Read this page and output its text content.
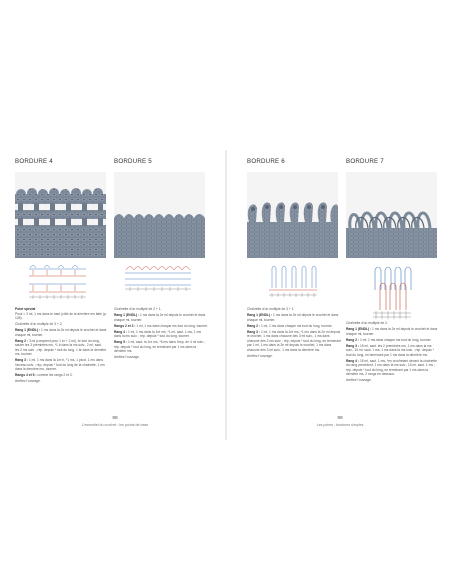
BORDURE 4	BORDURE 5

Point spécial
Picot = 3 ml, 1 ms dans le haut (côté de la dernière ms faite (p. 128).

Chaînette d'un multiple de 3 + 2.

Rang 1 (ENDL) : 1 ms dans la 2e ml depuis le crochet et dans chaque ml, tourner.

Rang 2 : 3 ml (comptent pour 1 br + 2 ml), br tout du long, sauter les 3 premières ms, *1 b dans la ms suiv., 2 ml, saut. les 2 ms suiv. ; rép. depuis * tout du long, 1 br dans la dernière ms, tourner.

Rang 3 : 1 ml, 1 ms dans la 1re b, *1 ms, 1 picot, 1 ms dans l'arceau suiv. ; rép. depuis * tout du long de la chaînette, 1 ms dans la dernière ms, tourner.

Rangs 4 et 5 : comme les rangs 2 et 3.

Arrêtez l'ouvrage.

Chaînette d'un multiple de 2 + 1.

Rang 1 (ENDL) : 1 ms dans la 2e ml depuis le crochet et dans chaque ml, tourner.

Rangs 2 et 3 : 1 ml, 1 ms dans chaque ms tout du long, tourner.

Rang 4 : 1 ml, 1 ms dans la 1re ms, *1 ml, saut. 1 ms, 1 ms dans la ms suiv. ; rép. depuis * tout du long, tourner.

Rang 5 : 1 ml, saut. la 1re ms, *6 ms dans l'esp. de 4 ml suiv. ; rép. depuis * tout du long, en terminant par 1 ms dans la dernière ms.

Arrêtez l'ouvrage.

98
L'essentiel du crochet : les points de base
BORDURE 6	BORDURE 7

Chaînette d'un multiple de 3 + 1.

Rang 1 (ENDL) : 1 ms dans la 2e ml depuis le crochet et dans chaque ml, tourner.

Rang 2 : 1 ml, 1 ms dans chaque ms tout du long, tourner.

Rang 3 : 1 ml, 1 ms dans la 1re ms, *1 ms dans la 2e ml depuis le crochet, 1 ms dans chacune des 3 ml suiv., 1 ms dans chacune des 2 ms suiv. ; rép. depuis * tout du long, en terminant par 1 ml, 1 ms dans la 2e ml depuis le crochet, 1 ms dans chacune des 3 ml suiv., 1 ms dans la dernière ms.

Arrêtez l'ouvrage.

Chaînette d'un multiple de 2.

Rang 1 (ENDL) : 1 ms dans la 2e ml depuis le crochet et dans chaque ml, tourner.

Rang 2 : 1 ml, 1 ms dans chaque ms tout du long, tourner.

Rang 3 : 15 ml, saut. les 2 premières ms, 1 ms dans la ms suiv., 15 ml, saut. 1 ms, 1 ms dans la ms suiv. ; rép. depuis * tout du long, en terminant par 1 ms dans la dernière ms.

Rang 4 : 15 ml, saut. 1 ms, *en crochetant devant la chaînette du rang précédent, 1 ms dans la ms suiv., 15 ml, saut. 1 ms ; rép. depuis * tout du long, en terminant par 1 ms dans la dernière ms, 2 rangs en dessous.

Arrêtez l'ouvrage.

99
Les points : bordures simples
